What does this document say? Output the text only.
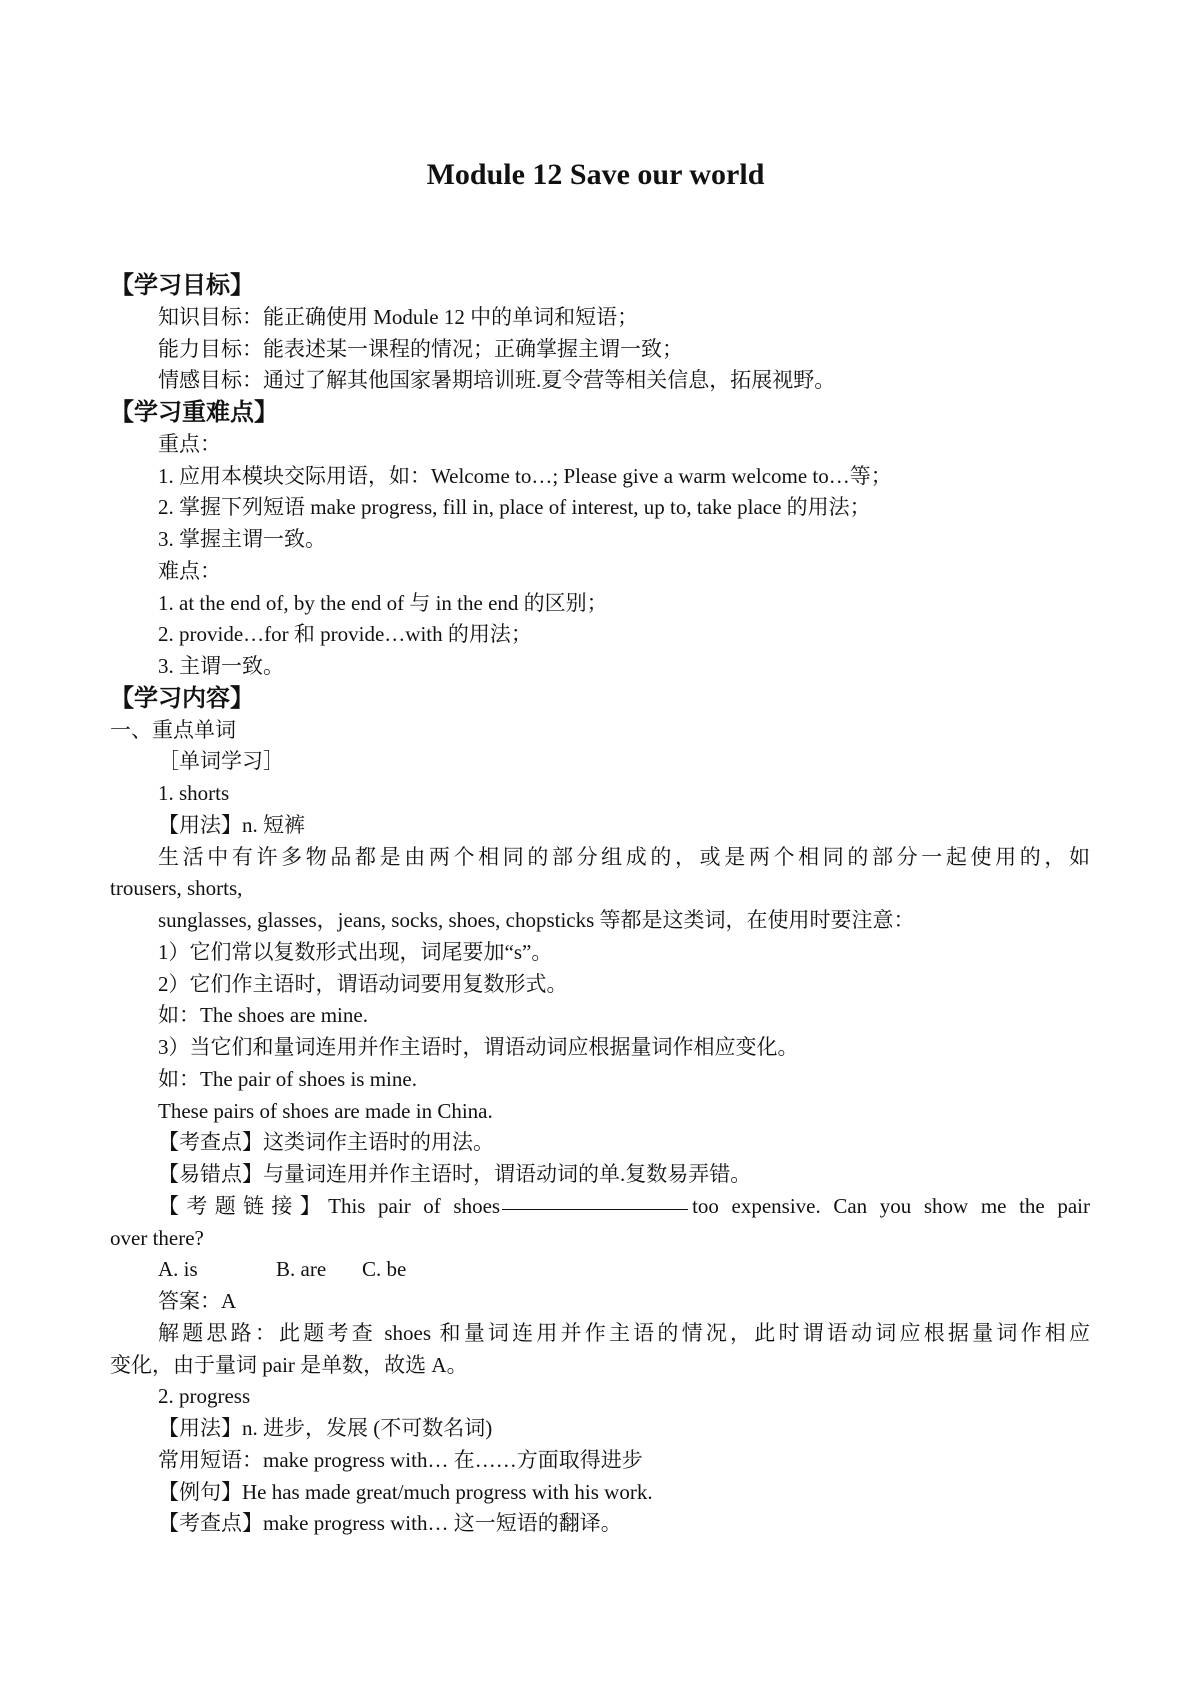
Module 12 Save our world
【学习目标】
知识目标：能正确使用 Module 12 中的单词和短语；
能力目标：能表述某一课程的情况；正确掌握主谓一致；
情感目标：通过了解其他国家暑期培训班.夏令营等相关信息，拓展视野。
【学习重难点】
重点：
1. 应用本模块交际用语，如：Welcome to…; Please give a warm welcome to…等；
2. 掌握下列短语 make progress, fill in, place of interest, up to, take place 的用法；
3. 掌握主谓一致。
难点：
1. at the end of, by the end of 与 in the end 的区别；
2. provide…for 和 provide…with 的用法；
3. 主谓一致。
【学习内容】
一、重点单词
［单词学习］
1. shorts
【用法】n. 短裤
生活中有许多物品都是由两个相同的部分组成的，或是两个相同的部分一起使用的，如
trousers, shorts,
sunglasses, glasses，jeans, socks, shoes, chopsticks 等都是这类词，在使用时要注意：
1）它们常以复数形式出现，词尾要加“s”。
2）它们作主语时，谓语动词要用复数形式。
如：The shoes are mine.
3）当它们和量词连用并作主语时，谓语动词应根据量词作相应变化。
如：The pair of shoes is mine.
These pairs of shoes are made in China.
【考查点】这类词作主语时的用法。
【易错点】与量词连用并作主语时，谓语动词的单.复数易弄错。
【考题链接】This pair of shoes	too expensive. Can you show me the pair
over there?
A. is	B. are C. be
答案：A
解题思路：此题考查 shoes 和量词连用并作主语的情况，此时谓语动词应根据量词作相应
变化，由于量词 pair 是单数，故选 A。
2. progress
【用法】n. 进步，发展 (不可数名词)
常用短语：make progress with… 在……方面取得进步
【例句】He has made great/much progress with his work.
【考查点】make progress with… 这一短语的翻译。
